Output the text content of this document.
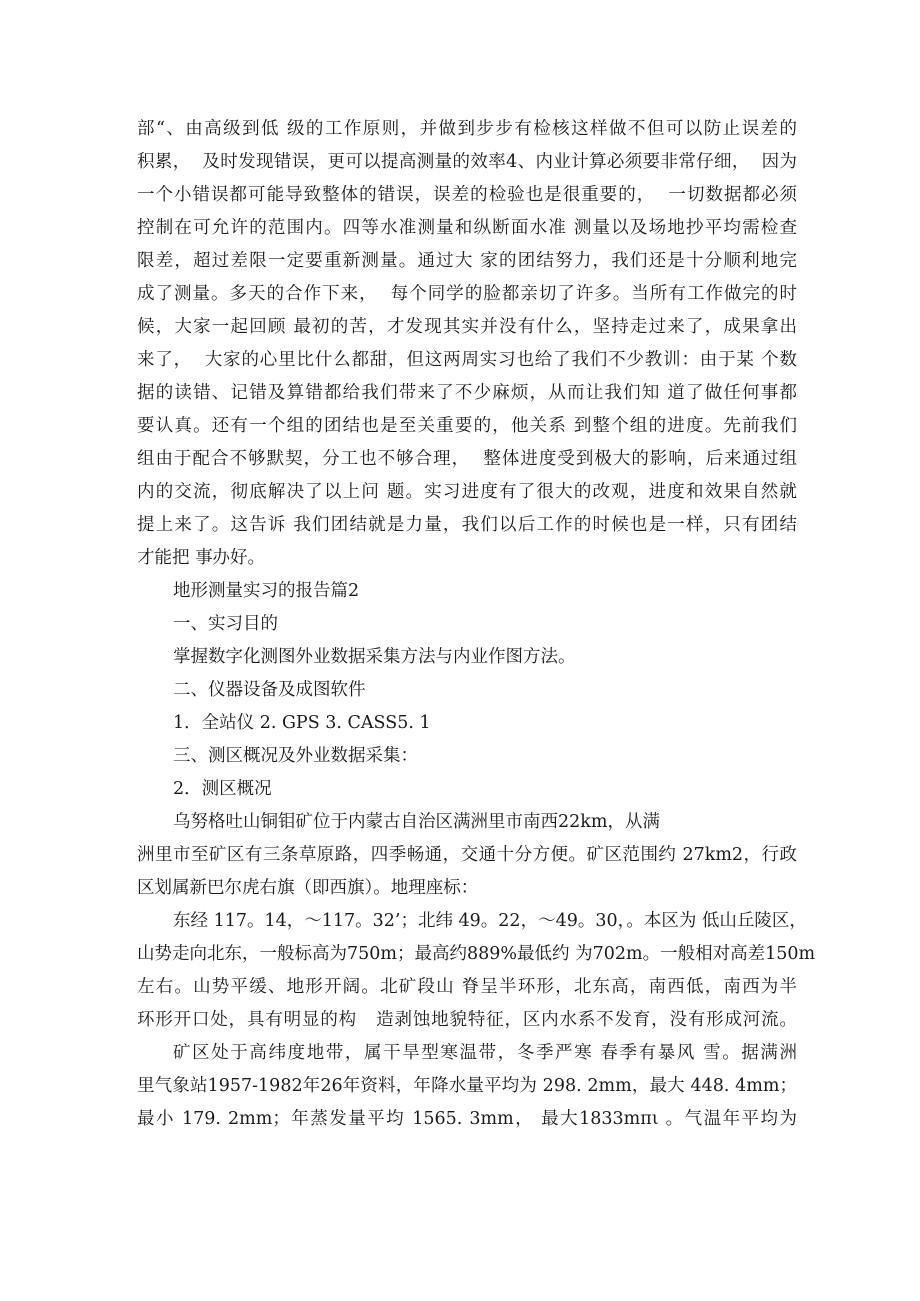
部“、由高级到低 级的工作原则，并做到步步有检核这样做不但可以防止误差的
积累，  及时发现错误，更可以提高测量的效率4、内业计算必须要非常仔细，  因为
一个小错误都可能导致整体的错误，误差的检验也是很重要的，  一切数据都必须
控制在可允许的范围内。四等水准测量和纵断面水准 测量以及场地抄平均需检查
限差，超过差限一定要重新测量。通过大 家的团结努力，我们还是十分顺利地完
成了测量。多天的合作下来，  每个同学的脸都亲切了许多。当所有工作做完的时
候，大家一起回顾 最初的苦，才发现其实并没有什么，坚持走过来了，成果拿出
来了，  大家的心里比什么都甜，但这两周实习也给了我们不少教训：由于某 个数
据的读错、记错及算错都给我们带来了不少麻烦，从而让我们知 道了做任何事都
要认真。还有一个组的团结也是至关重要的，他关系 到整个组的进度。先前我们
组由于配合不够默契，分工也不够合理，  整体进度受到极大的影响，后来通过组
内的交流，彻底解决了以上问 题。实习进度有了很大的改观，进度和效果自然就
提上来了。这告诉 我们团结就是力量，我们以后工作的时候也是一样，只有团结
才能把 事办好。
地形测量实习的报告篇2
一、实习目的
掌握数字化测图外业数据采集方法与内业作图方法。
二、仪器设备及成图软件
1．全站仪 2. GPS 3. CASS5. 1
三、测区概况及外业数据采集：
2．测区概况
乌努格吐山铜钼矿位于内蒙古自治区满洲里市南西22km，从满
洲里市至矿区有三条草原路，四季畅通，交通十分方便。矿区范围约 27km2，行政
区划属新巴尔虎右旗（即西旗）。地理座标：
东经 117。14，～117。32’；北纬 49。22，～49。30，。本区为 低山丘陵区，
山势走向北东，一般标高为750m；最高约889%最低约 为702m。一般相对高差150m
左右。山势平缓、地形开阔。北矿段山 脊呈半环形，北东高，南西低，南西为半
环形开口处，具有明显的构   造剥蚀地貌特征，区内水系不发育，没有形成河流。
矿区处于高纬度地带，属干旱型寒温带，冬季严寒 春季有暴风 雪。据满洲
里气象站1957-1982年26年资料，年降水量平均为 298. 2mm，最大 448. 4mm；
最小 179. 2mm；年蒸发量平均 1565. 3mm， 最大1833mπι 。气温年平均为
